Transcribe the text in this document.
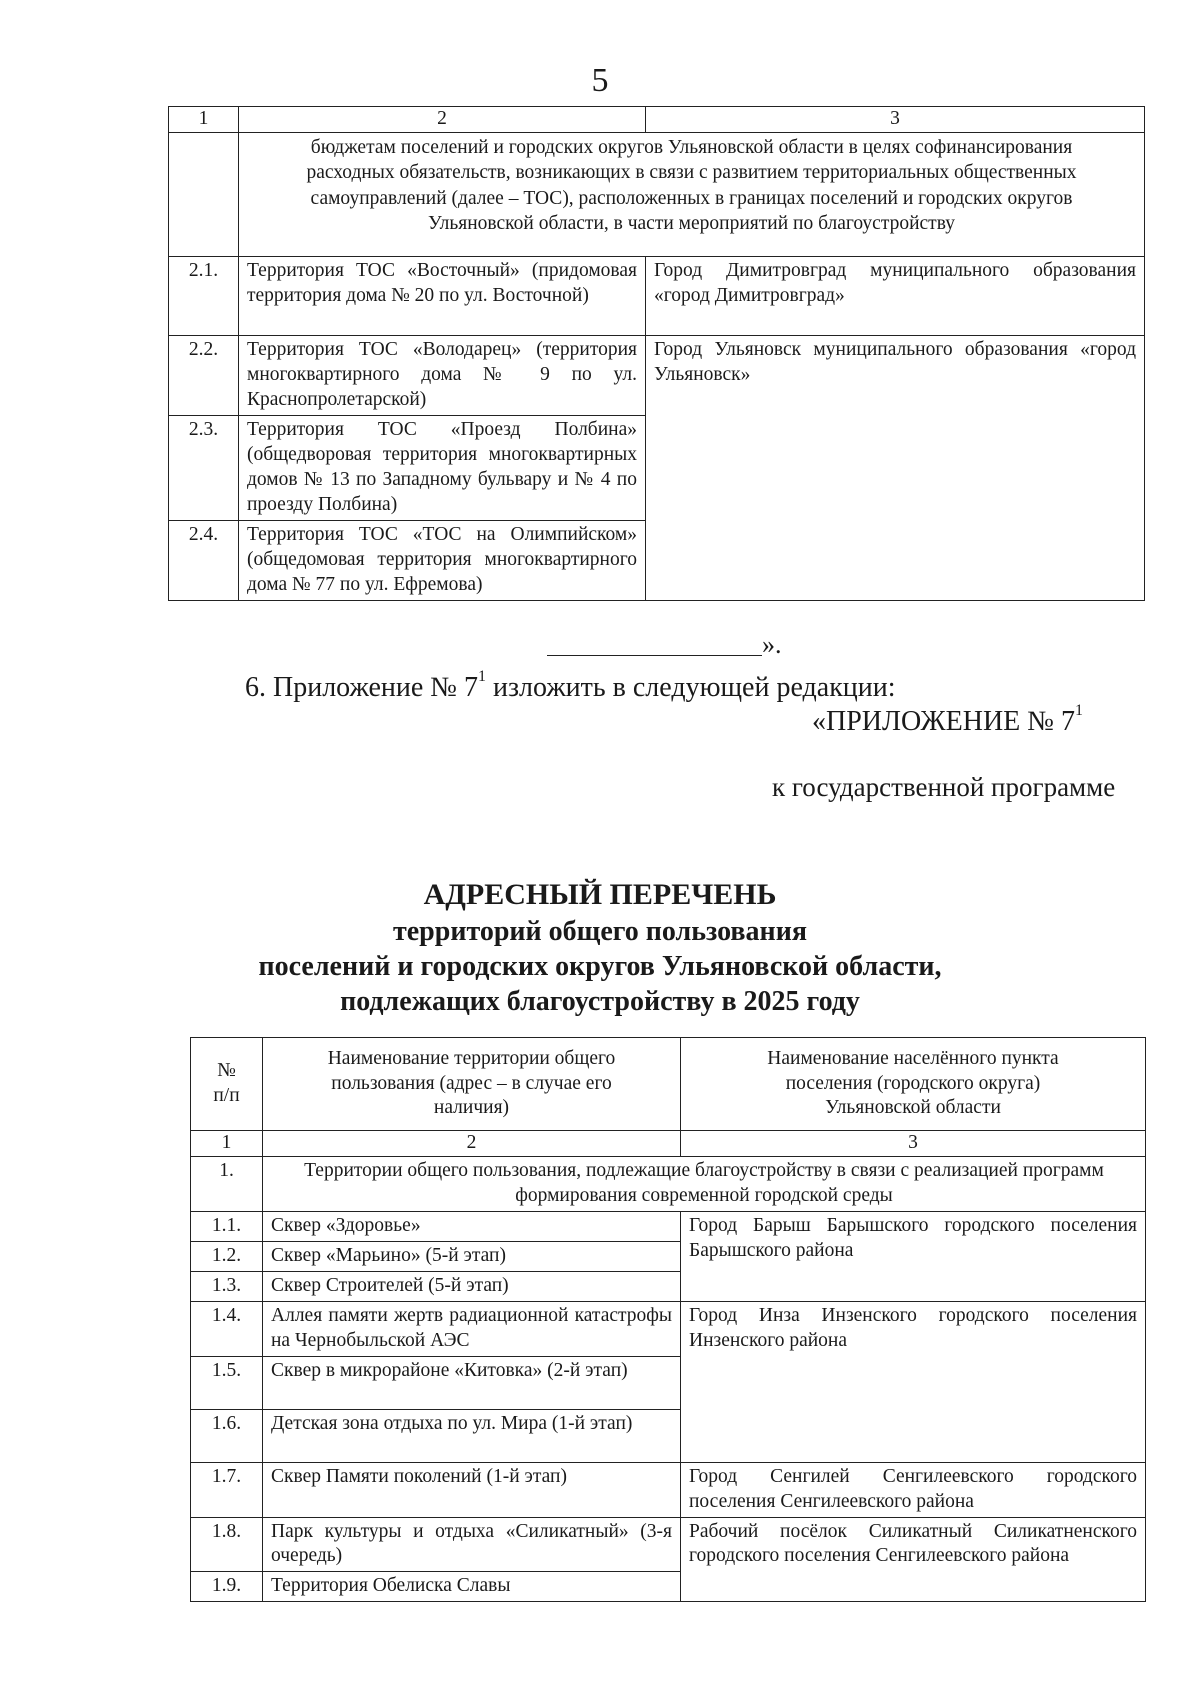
5
1	2	3
	бюджетам поселений и городских округов Ульяновской области в целях софинансирования расходных обязательств, возникающих в связи с развитием территориальных общественных самоуправлений (далее – ТОС), расположенных в границах поселений и городских округов Ульяновской области, в части мероприятий по благоустройству	
2.1.	Территория ТОС «Восточный» (придомовая территория дома № 20 по ул. Восточной)	Город Димитровград муниципального образования «город Димитровград»
2.2.	Территория ТОС «Володарец» (территория многоквартирного дома № 9 по ул. Краснопролетарской)	Город Ульяновск муниципального образования «город Ульяновск»
2.3.	Территория ТОС «Проезд Полбина» (общедворовая территория многоквартирных домов № 13 по Западному бульвару и № 4 по проезду Полбина)	
2.4.	Территория ТОС «ТОС на Олимпийском» (общедомовая территория многоквартирного дома № 77 по ул. Ефремова)	
».
6. Приложение № $7^1$ изложить в следующей редакции:
«ПРИЛОЖЕНИЕ № $7^1$
к государственной программе
АДРЕСНЫЙ ПЕРЕЧЕНЬ
территорий общего пользования
поселений и городских округов Ульяновской области,
подлежащих благоустройству в 2025 году
№ п/п	Наименование территории общего пользования (адрес – в случае его наличия)	Наименование населённого пункта поселения (городского округа) Ульяновской области
1	2	3
1.	Территории общего пользования, подлежащие благоустройству в связи с реализацией программ формирования современной городской среды	
1.1.	Сквер «Здоровье»	Город Барыш Барышского городского поселения Барышского района
1.2.	Сквер «Марьино» (5-й этап)	
1.3.	Сквер Строителей (5-й этап)	
1.4.	Аллея памяти жертв радиационной катастрофы на Чернобыльской АЭС	Город Инза Инзенского городского поселения Инзенского района
1.5.	Сквер в микрорайоне «Китовка» (2-й этап)	
1.6.	Детская зона отдыха по ул. Мира (1-й этап)	
1.7.	Сквер Памяти поколений (1-й этап)	Город Сенгилей Сенгилеевского городского поселения Сенгилеевского района
1.8.	Парк культуры и отдыха «Силикатный» (3-я очередь)	Рабочий посёлок Силикатный Силикатненского городского поселения Сенгилеевского района
1.9.	Территория Обелиска Славы	
